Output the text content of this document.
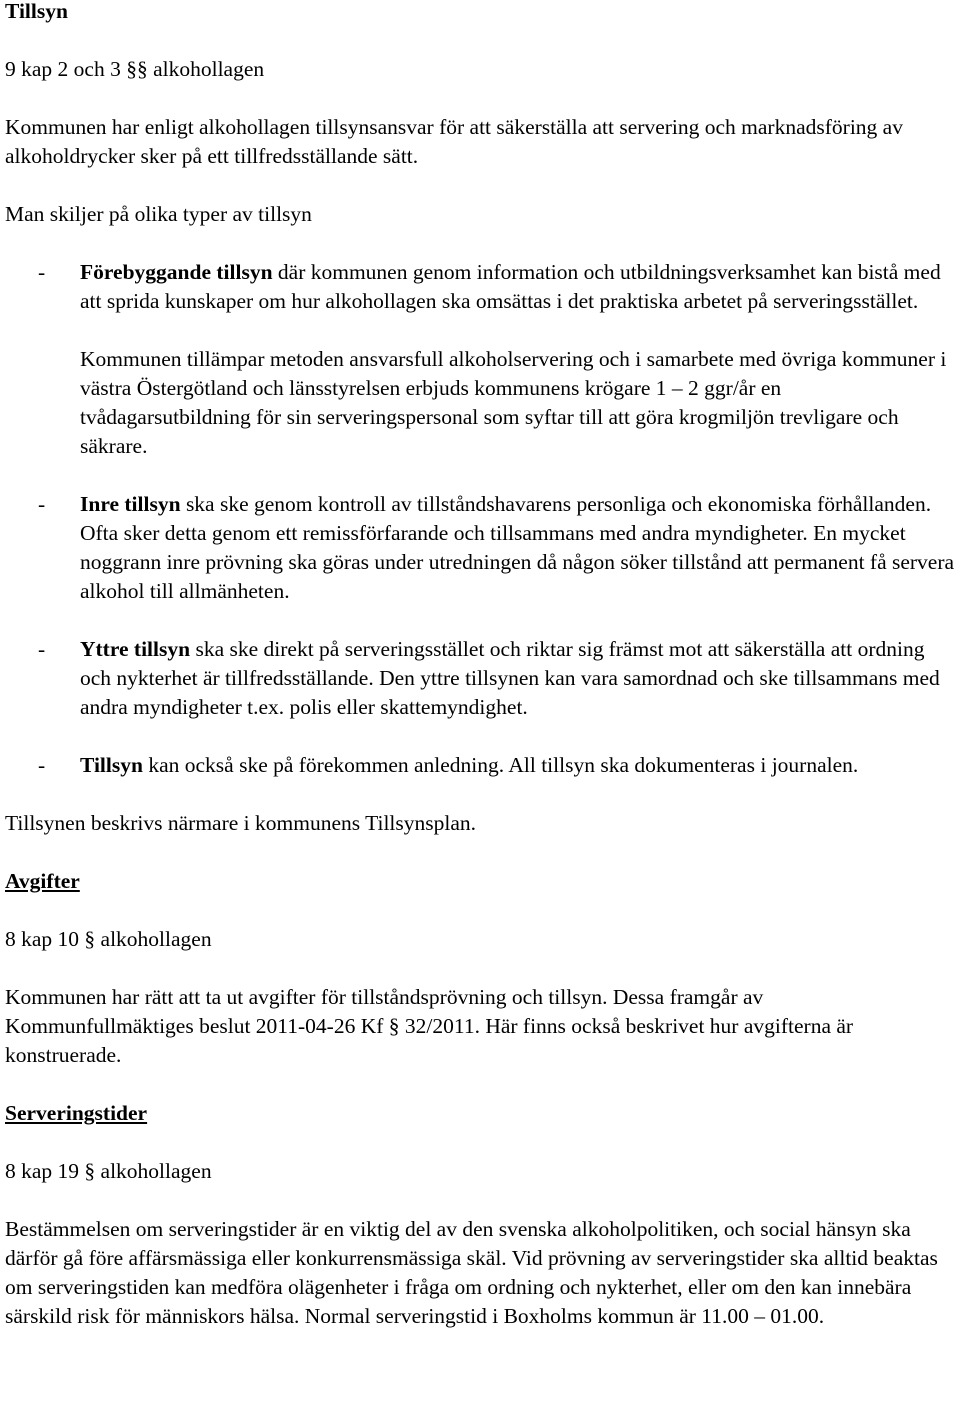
Tillsyn

9 kap 2 och 3 §§ alkohollagen

Kommunen har enligt alkohollagen tillsynsansvar för att säkerställa att servering och marknadsföring av alkoholdrycker sker på ett tillfredsställande sätt.

Man skiljer på olika typer av tillsyn

- Förebyggande tillsyn där kommunen genom information och utbildningsverksamhet kan bistå med att sprida kunskaper om hur alkohollagen ska omsättas i det praktiska arbetet på serveringsstället.

Kommunen tillämpar metoden ansvarsfull alkoholservering och i samarbete med övriga kommuner i västra Östergötland och länsstyrelsen erbjuds kommunens krögare 1 – 2 ggr/år en tvådagarsutbildning för sin serveringspersonal som syftar till att göra krogmiljön trevligare och säkrare.

- Inre tillsyn ska ske genom kontroll av tillståndshavarens personliga och ekonomiska förhållanden. Ofta sker detta genom ett remissförfarande och tillsammans med andra myndigheter. En mycket noggrann inre prövning ska göras under utredningen då någon söker tillstånd att permanent få servera alkohol till allmänheten.
- Yttre tillsyn ska ske direkt på serveringsstället och riktar sig främst mot att säkerställa att ordning och nykterhet är tillfredsställande. Den yttre tillsynen kan vara samordnad och ske tillsammans med andra myndigheter t.ex. polis eller skattemyndighet.
- Tillsyn kan också ske på förekommen anledning. All tillsyn ska dokumenteras i journalen.

Tillsynen beskrivs närmare i kommunens Tillsynsplan.

Avgifter

8 kap 10 § alkohollagen

Kommunen har rätt att ta ut avgifter för tillståndsprövning och tillsyn. Dessa framgår av Kommunfullmäktiges beslut 2011-04-26 Kf § 32/2011. Här finns också beskrivet hur avgifterna är konstruerade.

Serveringstider

8 kap 19 § alkohollagen

Bestämmelsen om serveringstider är en viktig del av den svenska alkoholpolitiken, och social hänsyn ska därför gå före affärsmässiga eller konkurrensmässiga skäl. Vid prövning av serveringstider ska alltid beaktas om serveringstiden kan medföra olägenheter i fråga om ordning och nykterhet, eller om den kan innebära särskild risk för människors hälsa. Normal serveringstid i Boxholms kommun är 11.00 – 01.00.
